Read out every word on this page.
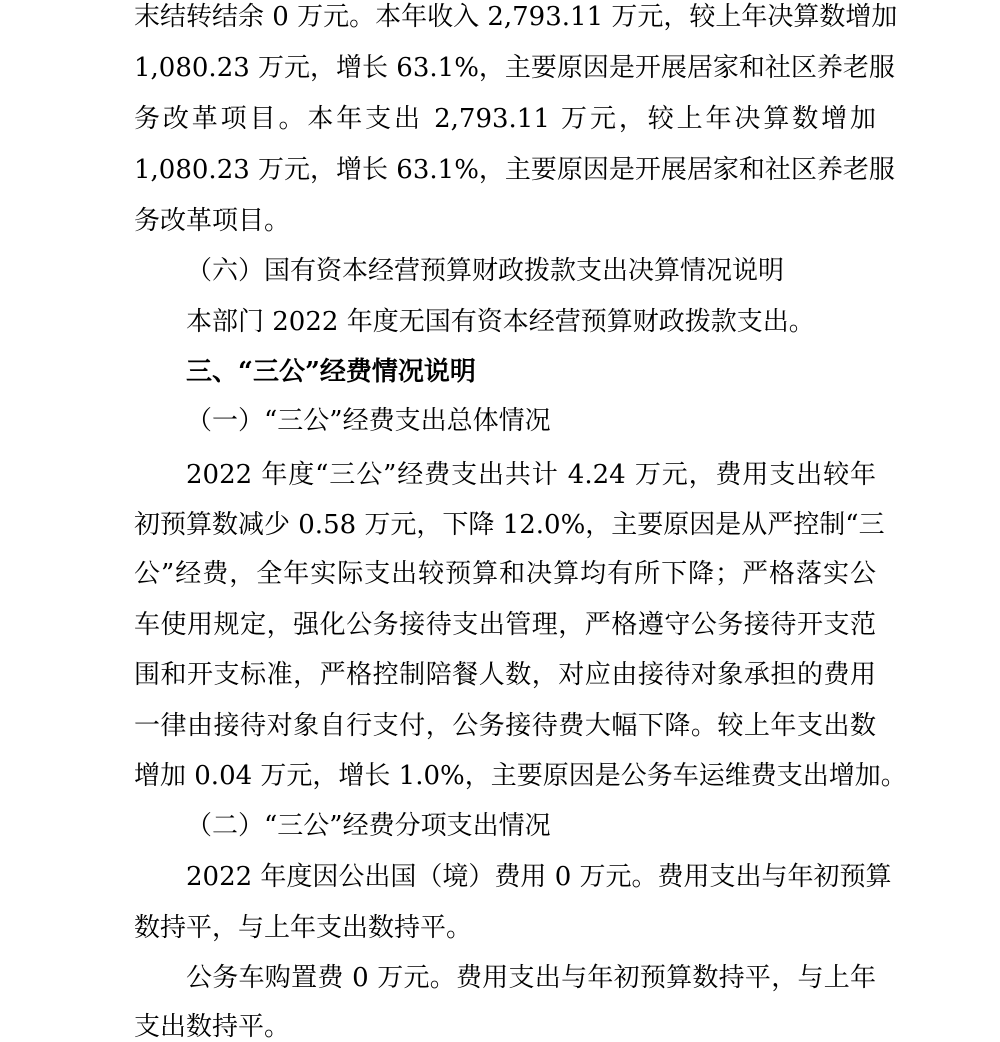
末结转结余 0 万元。本年收入 2,793.11 万元，较上年决算数增加
1,080.23 万元，增长 63.1%，主要原因是开展居家和社区养老服
务改革项目。本年支出 2,793.11 万元，较上年决算数增加
1,080.23 万元，增长 63.1%，主要原因是开展居家和社区养老服
务改革项目。
（六）国有资本经营预算财政拨款支出决算情况说明
本部门 2022 年度无国有资本经营预算财政拨款支出。
三、“三公”经费情况说明
（一）“三公”经费支出总体情况
2022 年度“三公”经费支出共计 4.24 万元，费用支出较年
初预算数减少 0.58 万元，下降 12.0%，主要原因是从严控制“三
公”经费，全年实际支出较预算和决算均有所下降；严格落实公
车使用规定，强化公务接待支出管理，严格遵守公务接待开支范
围和开支标准，严格控制陪餐人数，对应由接待对象承担的费用
一律由接待对象自行支付，公务接待费大幅下降。较上年支出数
增加 0.04 万元，增长 1.0%，主要原因是公务车运维费支出增加。
（二）“三公”经费分项支出情况
2022 年度因公出国（境）费用 0 万元。费用支出与年初预算
数持平，与上年支出数持平。
公务车购置费 0 万元。费用支出与年初预算数持平，与上年
支出数持平。
